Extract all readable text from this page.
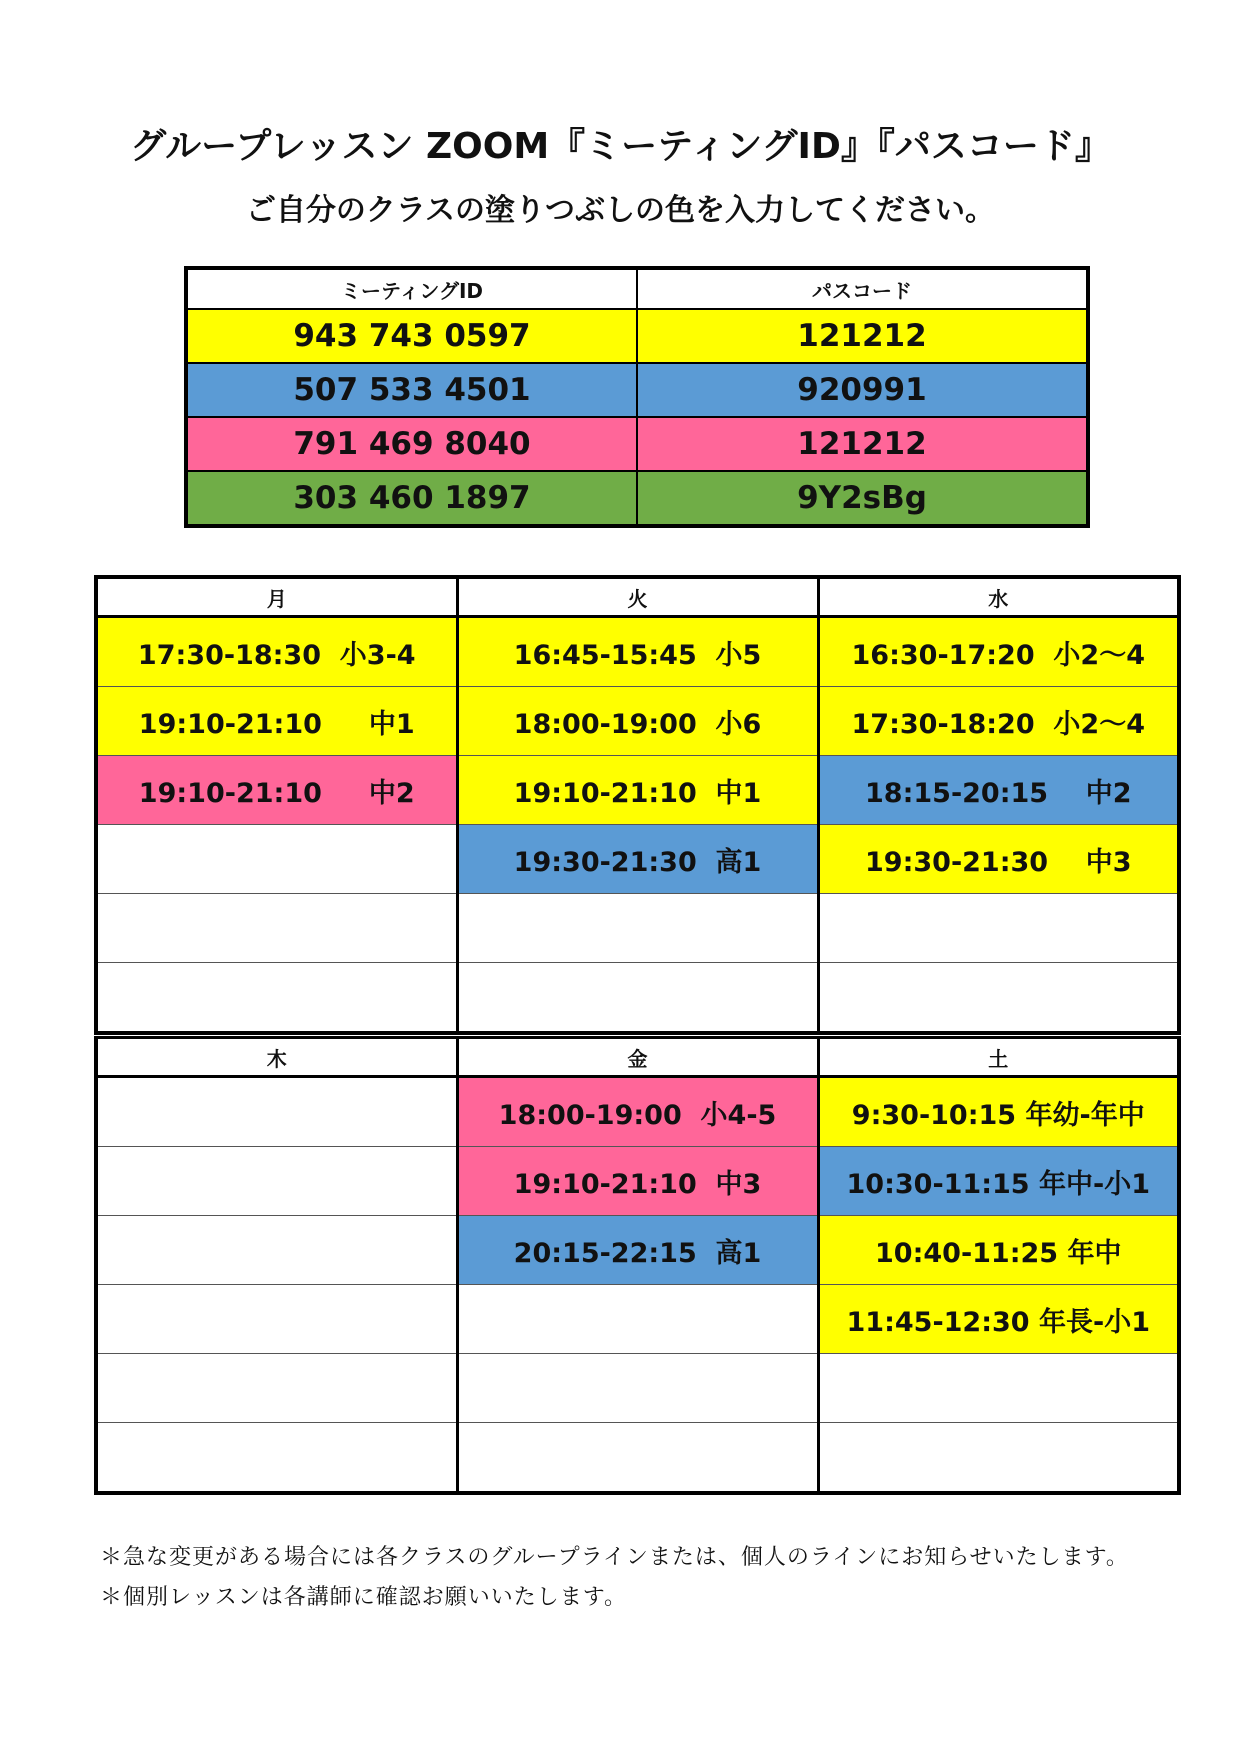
グループレッスン ZOOM『ミーティングID』『パスコード』
ご自分のクラスの塗りつぶしの色を入力してください。
ミーティングID	パスコード
943 743 0597	121212
507 533 4501	920991
791 469 8040	121212
303 460 1897	9Y2sBg
月	火	水
17:30-18:30  小3-4	16:45-15:45  小5	16:30-17:20  小2～4
19:10-21:10     中1	18:00-19:00  小6	17:30-18:20  小2～4
19:10-21:10     中2	19:10-21:10  中1	18:15-20:15    中2
	19:30-21:30  高1	19:30-21:30    中3

木	金	土
	18:00-19:00  小4-5	9:30-10:15 年幼-年中
	19:10-21:10  中3	10:30-11:15 年中-小1
	20:15-22:15  高1	10:40-11:25 年中
		11:45-12:30 年長-小1

＊急な変更がある場合には各クラスのグループラインまたは、個人のラインにお知らせいたします。

＊個別レッスンは各講師に確認お願いいたします。
